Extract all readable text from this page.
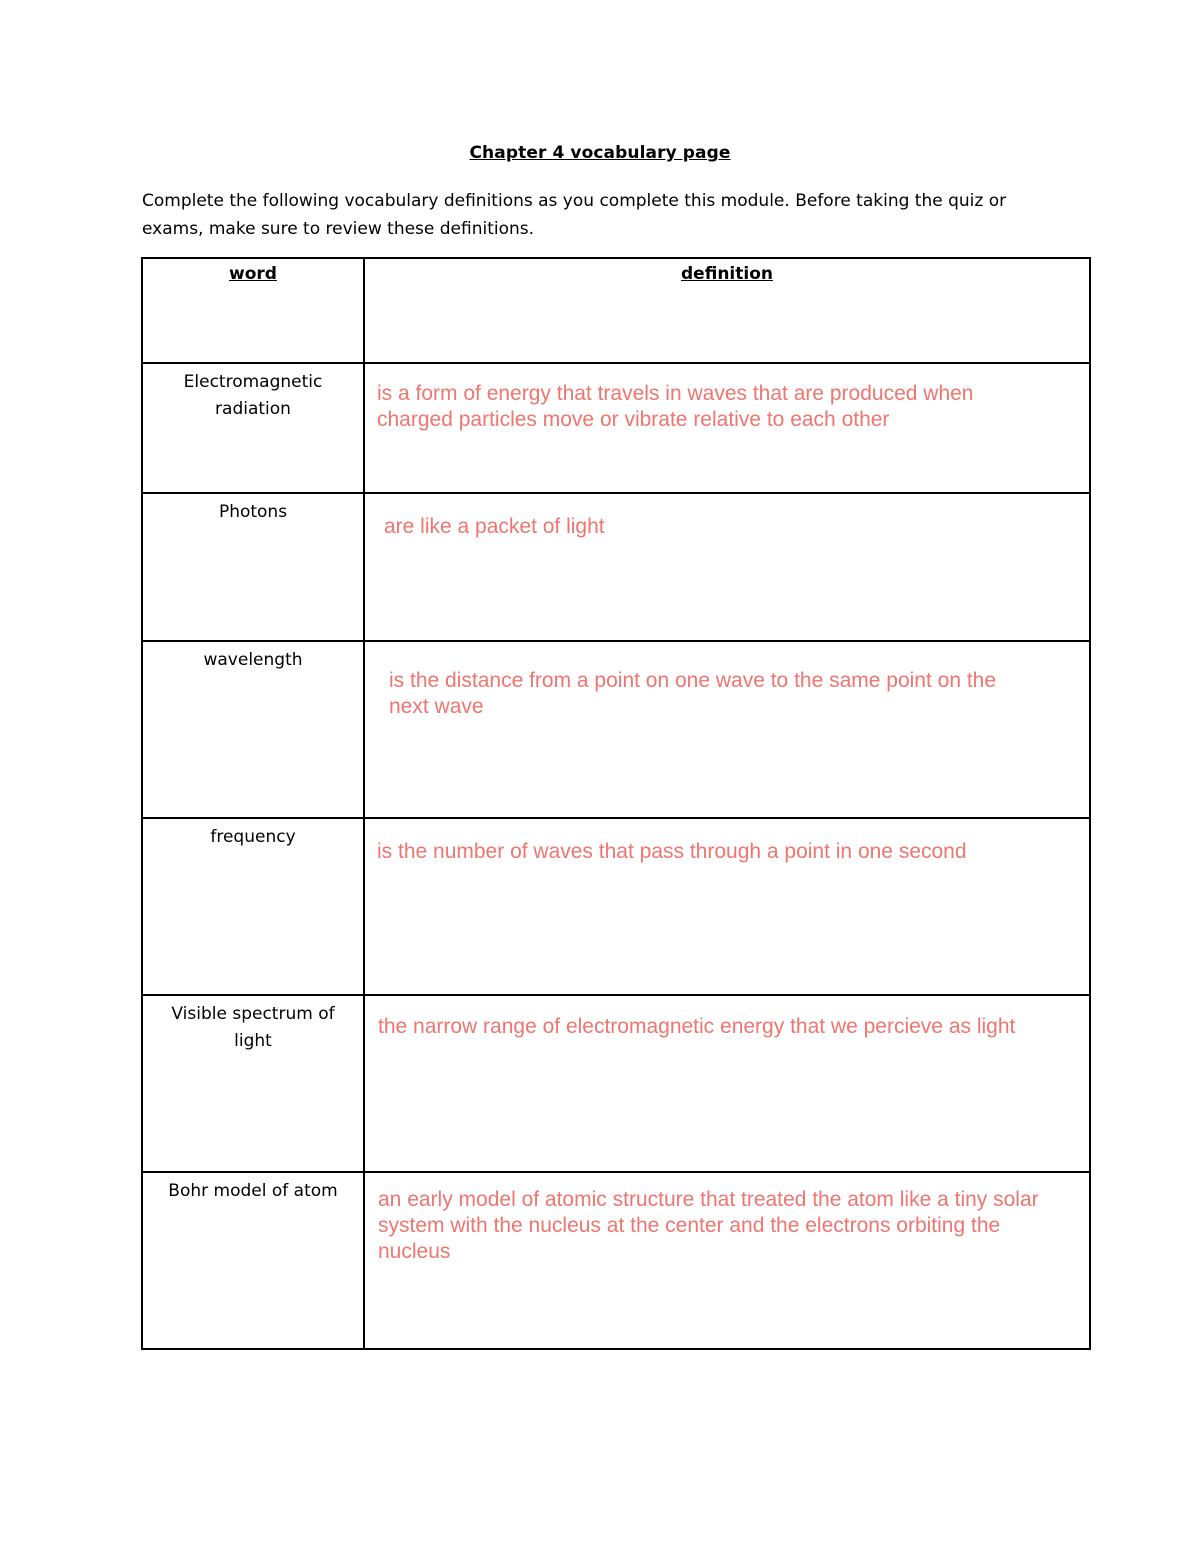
Chapter 4 vocabulary page
Complete the following vocabulary definitions as you complete this module. Before taking the quiz or exams, make sure to review these definitions.
word	definition
Electromagnetic radiation	is a form of energy that travels in waves that are produced when charged particles move or vibrate relative to each other
Photons	are like a packet of light
wavelength	is the distance from a point on one wave to the same point on the next wave
frequency	is the number of waves that pass through a point in one second
Visible spectrum of light	the narrow range of electromagnetic energy that we percieve as light
Bohr model of atom	an early model of atomic structure that treated the atom like a tiny solar system with the nucleus at the center and the electrons orbiting the nucleus
